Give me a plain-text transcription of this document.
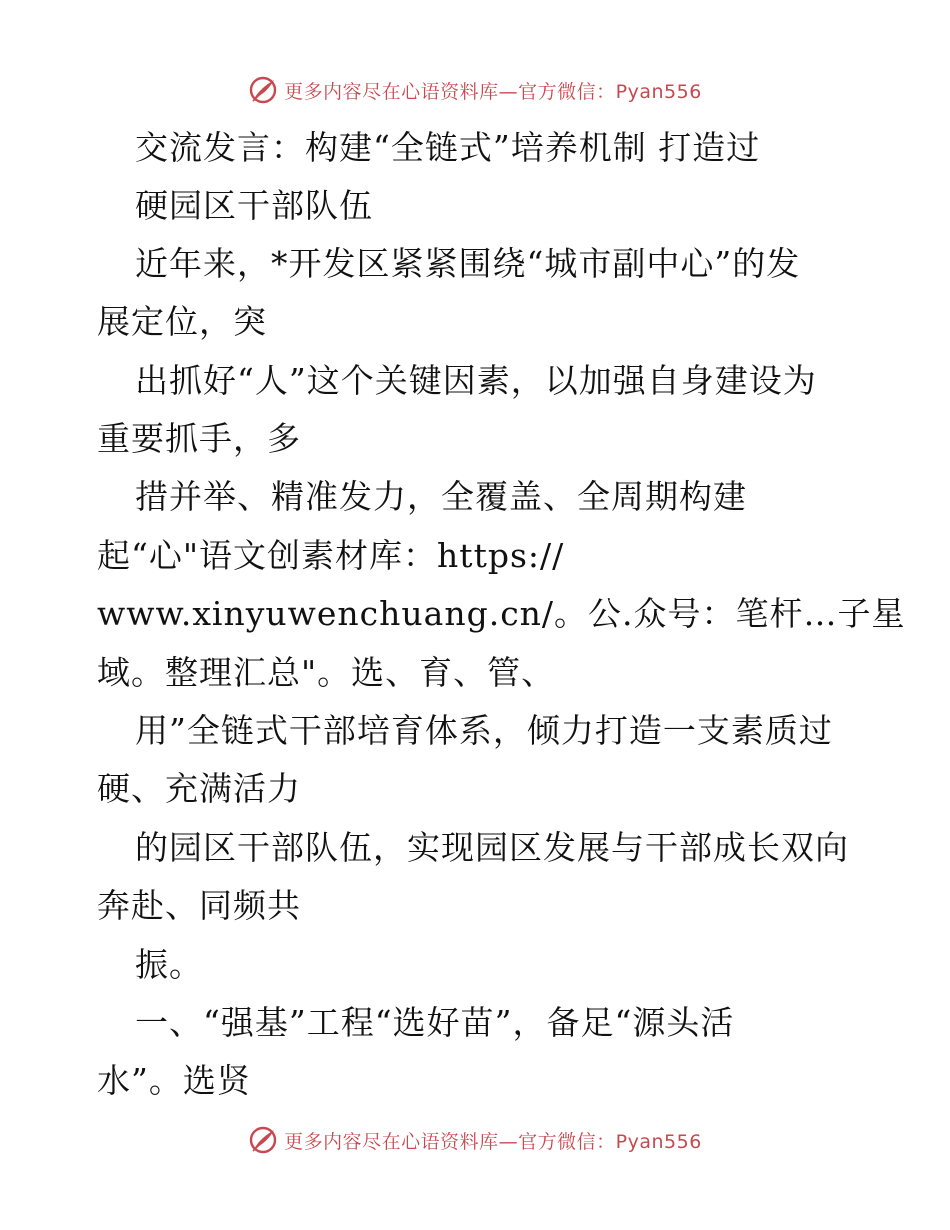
更多内容尽在心语资料库—官方微信：Pyan556
交流发言：构建“全链式”培养机制 打造过
硬园区干部队伍
近年来，*开发区紧紧围绕“城市副中心”的发
展定位，突
出抓好“人”这个关键因素，以加强自身建设为
重要抓手，多
措并举、精准发力，全覆盖、全周期构建
起“心"语文创素材库：https://
www.xinyuwenchuang.cn/。公.众号：笔杆…子星
域。整理汇总"。选、育、管、
用”全链式干部培育体系，倾力打造一支素质过
硬、充满活力
的园区干部队伍，实现园区发展与干部成长双向
奔赴、同频共
振。
一、“强基”工程“选好苗”，备足“源头活
水”。选贤
更多内容尽在心语资料库—官方微信：Pyan556
